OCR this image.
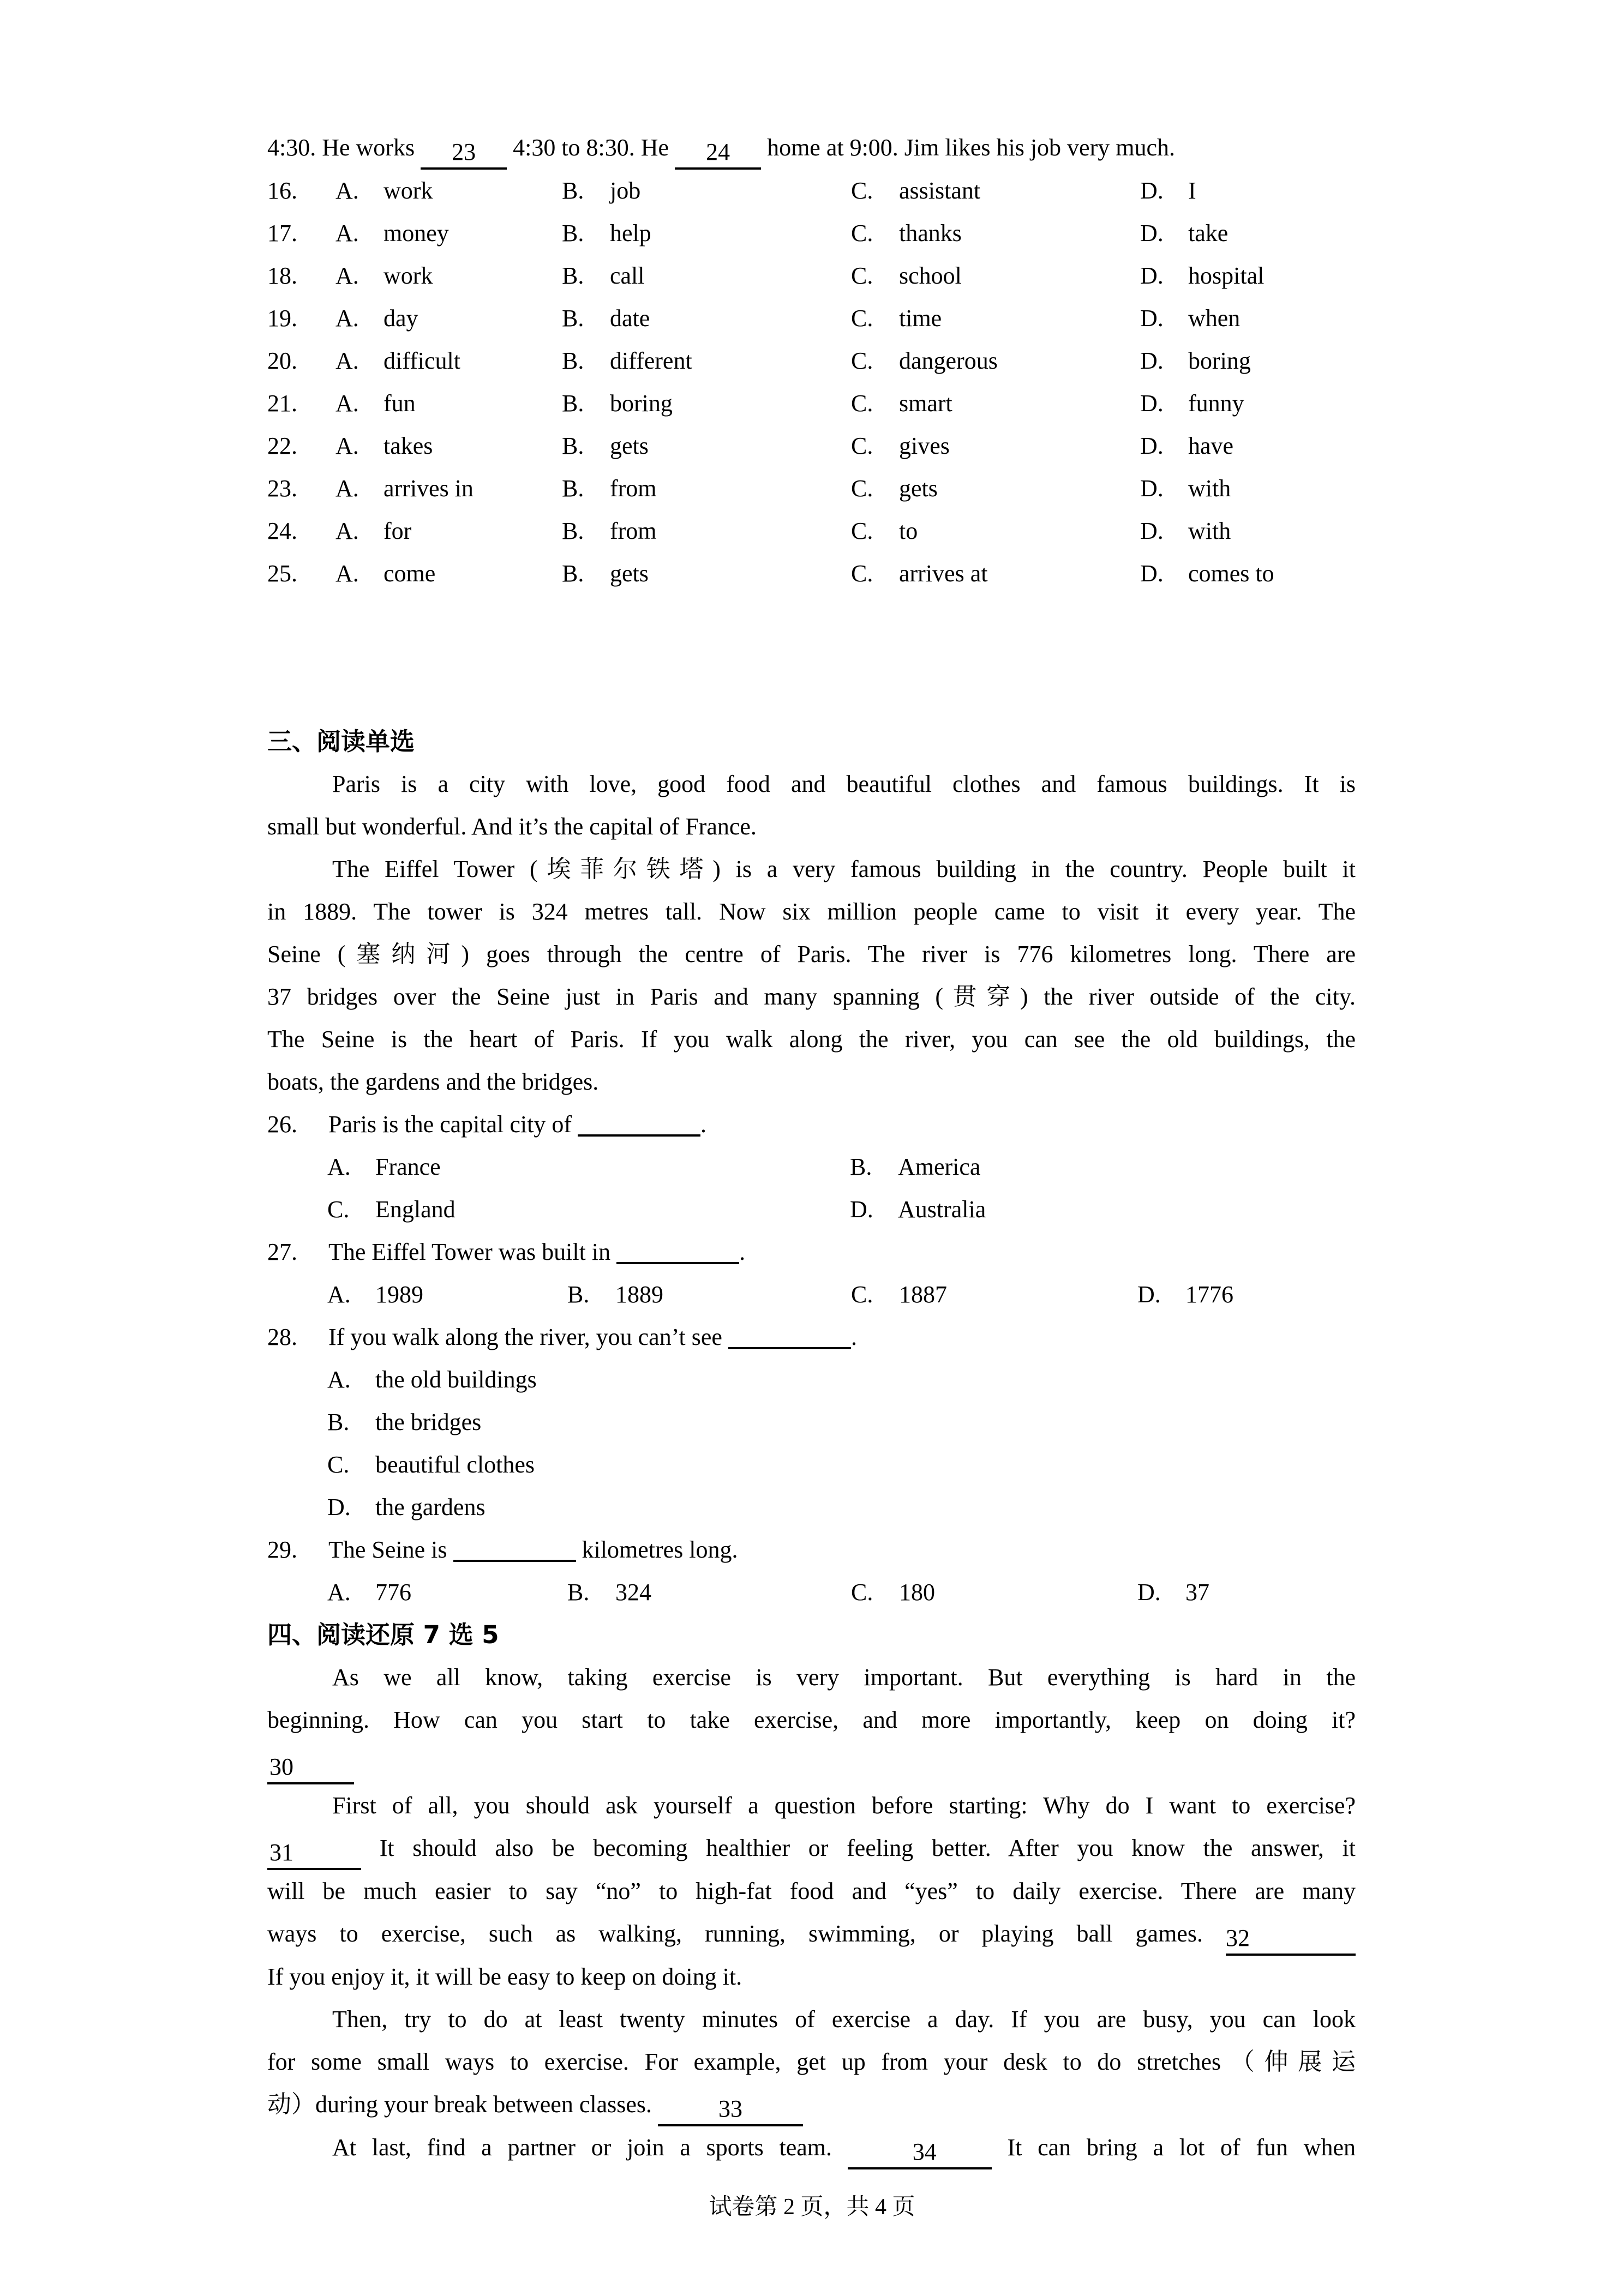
4:30. He works 23 4:30 to 8:30. He 24 home at 9:00. Jim likes his job very much.
16.	A. work	B. job	C. assistant	D. I
17.	A. money	B. help	C. thanks	D. take
18.	A. work	B. call	C. school	D. hospital
19.	A. day	B. date	C. time	D. when
20.	A. difficult	B. different	C. dangerous	D. boring
21.	A. fun	B. boring	C. smart	D. funny
22.	A. takes	B. gets	C. gives	D. have
23.	A. arrives in	B. from	C. gets	D. with
24.	A. for	B. from	C. to	D. with
25.	A. come	B. gets	C. arrives at	D. comes to
三、阅读单选
Paris is a city with love, good food and beautiful clothes and famous buildings. It is
small but wonderful. And it’s the capital of France.
The Eiffel Tower (埃菲尔铁塔) is a very famous building in the country. People built it
in 1889. The tower is 324 metres tall. Now six million people came to visit it every year. The
Seine (塞纳河) goes through the centre of Paris. The river is 776 kilometres long. There are
37 bridges over the Seine just in Paris and many spanning (贯穿) the river outside of the city.
The Seine is the heart of Paris. If you walk along the river, you can see the old buildings, the
boats, the gardens and the bridges.
26. Paris is the capital city of	.
A. France	B. America
C. England	D. Australia
27. The Eiffel Tower was built in	.
A. 1989	B. 1889	C. 1887	D. 1776
28. If you walk along the river, you can’t see	.
A. the old buildings
B. the bridges
C. beautiful clothes
D. the gardens
29. The Seine is	kilometres long.
A. 776	B. 324	C. 180	D. 37
四、阅读还原 7 选 5
As we all know, taking exercise is very important. But everything is hard in the
beginning. How can you start to take exercise, and more importantly, keep on doing it?
30
First of all, you should ask yourself a question before starting: Why do I want to exercise?
31	It should also be becoming healthier or feeling better. After you know the answer, it
will be much easier to say “no” to high-fat food and “yes” to daily exercise. There are many
ways to exercise, such as walking, running, swimming, or playing ball games. 32
If you enjoy it, it will be easy to keep on doing it.
Then, try to do at least twenty minutes of exercise a day. If you are busy, you can look
for some small ways to exercise. For example, get up from your desk to do stretches（伸展运
动）during your break between classes.	33
At last, find a partner or join a sports team.	34	It can bring a lot of fun when
试卷第 2 页，共 4 页
